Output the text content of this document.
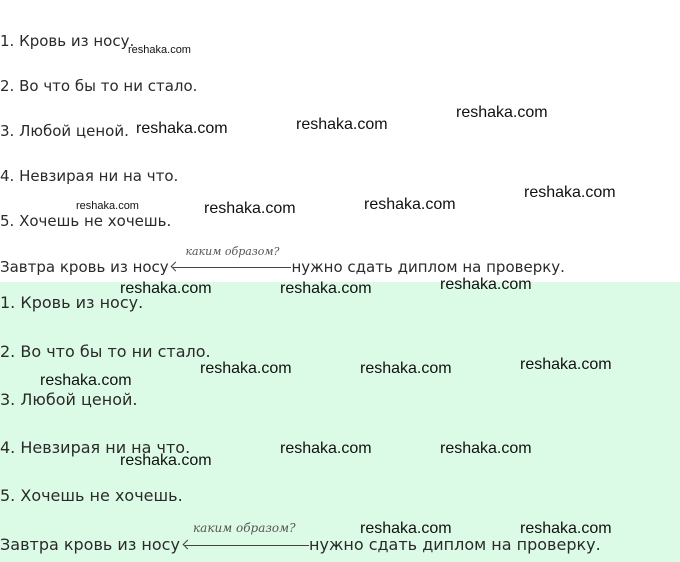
1. Кровь из носу.
2. Во что бы то ни стало.
3. Любой ценой.
4. Невзирая ни на что.
5. Хочешь не хочешь.
Завтра кровь из носу
каким образом?
нужно сдать диплом на проверку.
1. Кровь из носу.
2. Во что бы то ни стало.
3. Любой ценой.
4. Невзирая ни на что.
5. Хочешь не хочешь.
Завтра кровь из носу
каким образом?
нужно сдать диплом на проверку.
reshaka.com
reshaka.com	reshaka.com
reshaka.com
reshaka.com
reshaka.com	reshaka.com	reshaka.com
reshaka.com	reshaka.com	reshaka.com
reshaka.com	reshaka.com	reshaka.com
reshaka.com
reshaka.com	reshaka.com
reshaka.com
reshaka.com	reshaka.com
